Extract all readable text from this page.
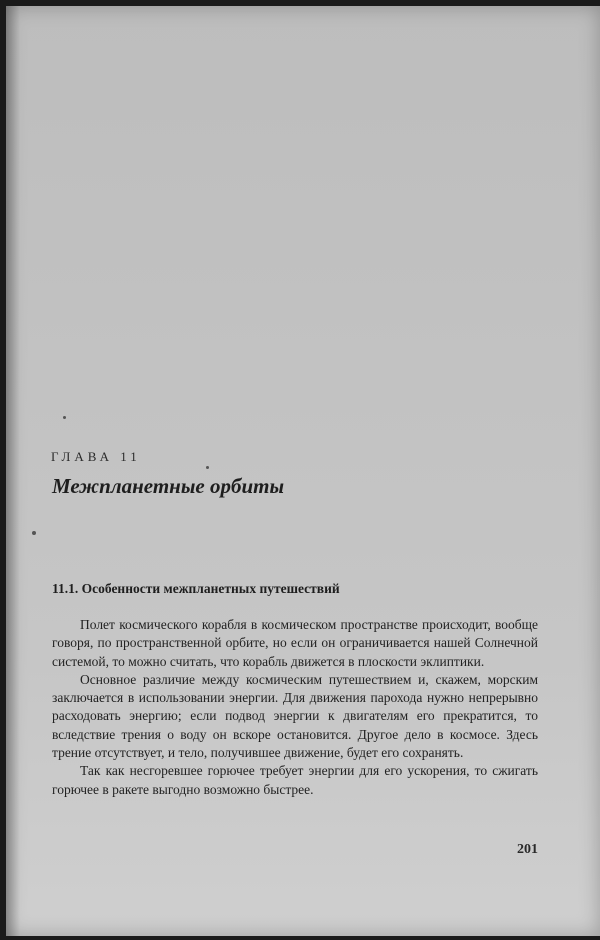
ГЛАВА 11
Межпланетные орбиты
11.1. Особенности межпланетных путешествий

Полет космического корабля в космическом пространстве происходит, вообще говоря, по пространственной орбите, но если он ограничивается нашей Солнечной системой, то можно считать, что корабль движется в плоскости эклиптики.

Основное различие между космическим путешествием и, скажем, морским заключается в использовании энергии. Для движения парохода нужно непрерывно расходовать энергию; если подвод энергии к двигателям его прекратится, то вследствие трения о воду он вскоре остановится. Другое дело в космосе. Здесь трение отсутствует, и тело, получившее движение, будет его сохранять.

Так как несгоревшее горючее требует энергии для его ускорения, то сжигать горючее в ракете выгодно возможно быстрее.

201
